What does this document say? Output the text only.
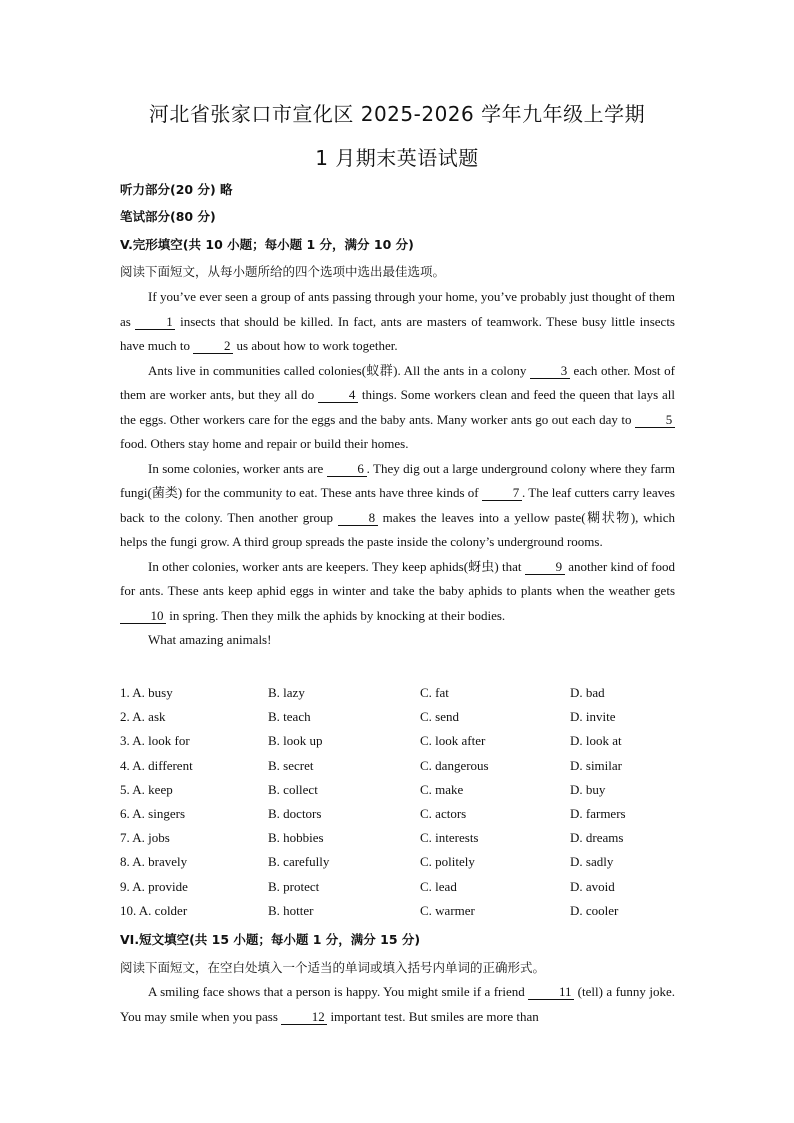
河北省张家口市宣化区 2025-2026 学年九年级上学期
1 月期末英语试题
听力部分(20 分) 略
笔试部分(80 分)
V.完形填空(共 10 小题；每小题 1 分，满分 10 分)
阅读下面短文，从每小题所给的四个选项中选出最佳选项。

If you’ve ever seen a group of ants passing through your home, you’ve probably just thought of them as 1 insects that should be killed. In fact, ants are masters of teamwork. These busy little insects have much to 2 us about how to work together.

Ants live in communities called colonies(蚁群). All the ants in a colony 3 each other. Most of them are worker ants, but they all do 4 things. Some workers clean and feed the queen that lays all the eggs. Other workers care for the eggs and the baby ants. Many worker ants go out each day to 5 food. Others stay home and repair or build their homes.

In some colonies, worker ants are 6 . They dig out a large underground colony where they farm fungi(菌类) for the community to eat. These ants have three kinds of 7 . The leaf cutters carry leaves back to the colony. Then another group 8 makes the leaves into a yellow paste(糊状物), which helps the fungi grow. A third group spreads the paste inside the colony’s underground rooms.

In other colonies, worker ants are keepers. They keep aphids(蚜虫) that 9 another kind of food for ants. These ants keep aphid eggs in winter and take the baby aphids to plants when the weather gets 10 in spring. Then they milk the aphids by knocking at their bodies.

What amazing animals!

1. A. busy	B. lazy	C. fat	D. bad
2. A. ask	B. teach	C. send	D. invite
3. A. look for	B. look up	C. look after	D. look at
4. A. different	B. secret	C. dangerous	D. similar
5. A. keep	B. collect	C. make	D. buy
6. A. singers	B. doctors	C. actors	D. farmers
7. A. jobs	B. hobbies	C. interests	D. dreams
8. A. bravely	B. carefully	C. politely	D. sadly
9. A. provide	B. protect	C. lead	D. avoid
10. A. colder	B. hotter	C. warmer	D. cooler
VI.短文填空(共 15 小题；每小题 1 分，满分 15 分)
阅读下面短文，在空白处填入一个适当的单词或填入括号内单词的正确形式。

A smiling face shows that a person is happy. You might smile if a friend 11 (tell) a funny joke. You may smile when you pass 12 important test. But smiles are more than
